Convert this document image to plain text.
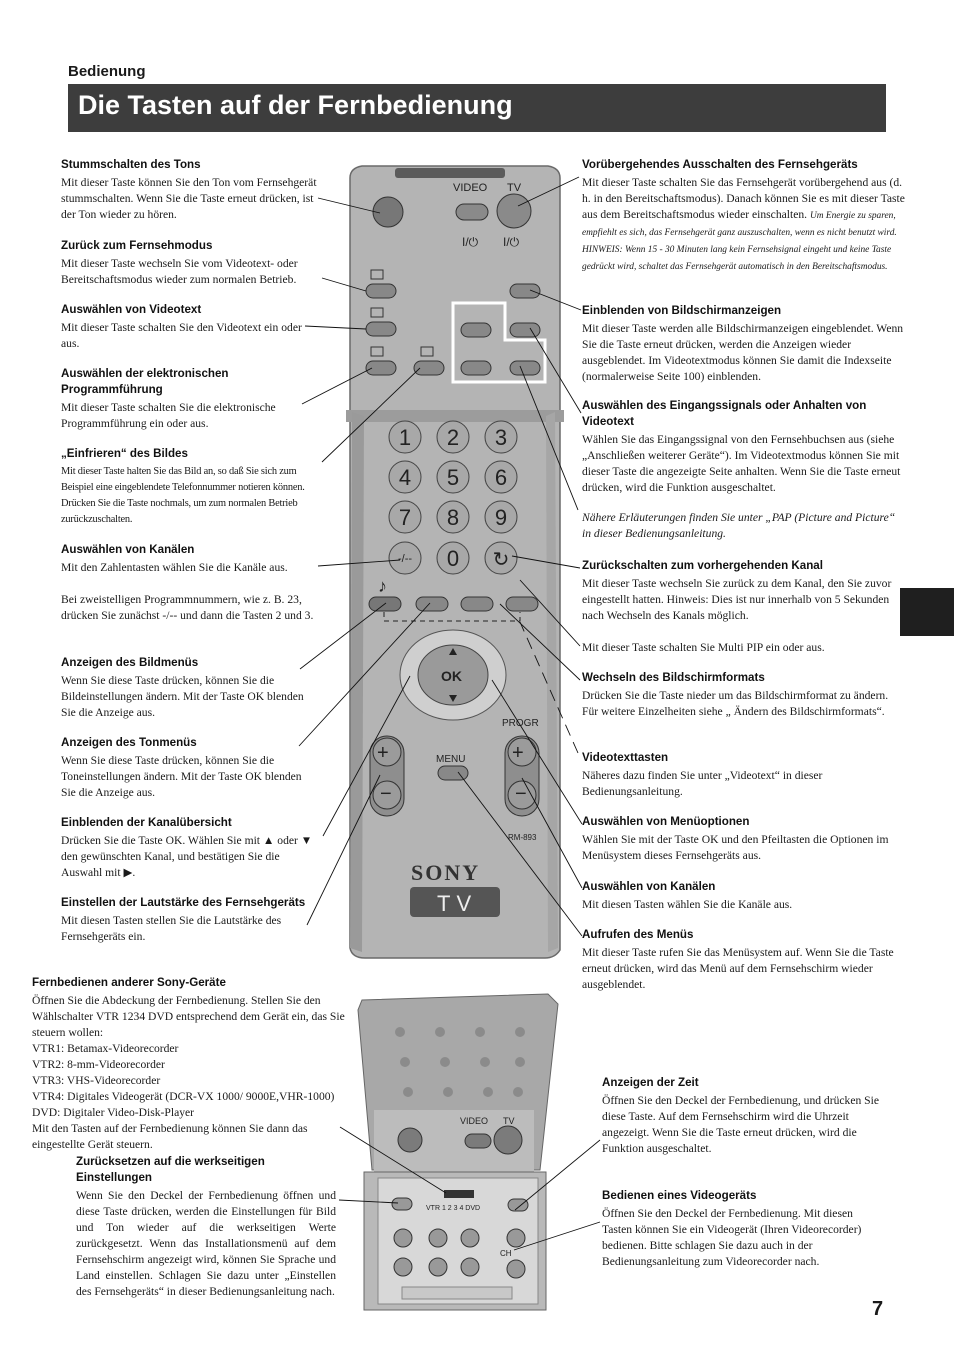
Bedienung
Die Tasten auf der Fernbedienung
VIDEO TV
I/⏻ I/⏻
1 2 3
4 5 6
7 8 9
-/-- 0 ↻
♪
OK
+
−
+
−
PROGR
MENU
RM-893
SONY
TV
VIDEO TV
VTR 1 2 3 4 DVD
CH
Stummschalten des Tons

Mit dieser Taste können Sie den Ton vom Fernsehgerät stummschalten. Wenn Sie die Taste erneut drücken, ist der Ton wieder zu hören.

Zurück zum Fernsehmodus

Mit dieser Taste wechseln Sie vom Videotext- oder Bereitschaftsmodus wieder zum normalen Betrieb.

Auswählen von Videotext

Mit dieser Taste schalten Sie den Videotext ein oder aus.

Auswählen der elektronischen Programmführung

Mit dieser Taste schalten Sie die elektronische Programmführung ein oder aus.

„Einfrieren“ des Bildes

Mit dieser Taste halten Sie das Bild an, so daß Sie sich zum Beispiel eine eingeblendete Telefonnummer notieren können. Drücken Sie die Taste nochmals, um zum normalen Betrieb zurückzuschalten.

Auswählen von Kanälen

Mit den Zahlentasten wählen Sie die Kanäle aus.

Bei zweistelligen Programmnummern, wie z. B. 23, drücken Sie zunächst -/-- und dann die Tasten 2 und 3.

Anzeigen des Bildmenüs

Wenn Sie diese Taste drücken, können Sie die Bildeinstellungen ändern. Mit der Taste OK blenden Sie die Anzeige aus.

Anzeigen des Tonmenüs

Wenn Sie diese Taste drücken, können Sie die Toneinstellungen ändern. Mit der Taste OK blenden Sie die Anzeige aus.

Einblenden der Kanalübersicht

Drücken Sie die Taste OK. Wählen Sie mit ▲ oder ▼ den gewünschten Kanal, und bestätigen Sie die Auswahl mit ▶.

Einstellen der Lautstärke des Fernsehgeräts

Mit diesen Tasten stellen Sie die Lautstärke des Fernsehgeräts ein.

Fernbedienen anderer Sony-Geräte

Öffnen Sie die Abdeckung der Fernbedienung. Stellen Sie den Wählschalter VTR 1234 DVD entsprechend dem Gerät ein, das Sie steuern wollen:

VTR1: Betamax-Videorecorder

VTR2: 8-mm-Videorecorder

VTR3: VHS-Videorecorder

VTR4: Digitales Videogerät (DCR-VX 1000/ 9000E,VHR-1000)

DVD: Digitaler Video-Disk-Player

Mit den Tasten auf der Fernbedienung können Sie dann das eingestellte Gerät steuern.

Zurücksetzen auf die werkseitigen Einstellungen

Wenn Sie den Deckel der Fernbedienung öffnen und diese Taste drücken, werden die Einstellungen für Bild und Ton wieder auf die werkseitigen Werte zurückgesetzt. Wenn das Installationsmenü auf dem Fernsehschirm angezeigt wird, können Sie Sprache und Land einstellen. Schlagen Sie dazu unter „Einstellen des Fernsehgeräts“ in dieser Bedienungsanleitung nach.

Vorübergehendes Ausschalten des Fernsehgeräts

Mit dieser Taste schalten Sie das Fernsehgerät vorübergehend aus (d. h. in den Bereitschaftsmodus). Danach können Sie es mit dieser Taste aus dem Bereitschaftsmodus wieder einschalten. Um Energie zu sparen, empfiehlt es sich, das Fernsehgerät ganz auszuschalten, wenn es nicht benutzt wird. HINWEIS: Wenn 15 - 30 Minuten lang kein Fernsehsignal eingeht und keine Taste gedrückt wird, schaltet das Fernsehgerät automatisch in den Bereitschaftsmodus.

Einblenden von Bildschirmanzeigen

Mit dieser Taste werden alle Bildschirmanzeigen eingeblendet. Wenn Sie die Taste erneut drücken, werden die Anzeigen wieder ausgeblendet. Im Videotextmodus können Sie damit die Indexseite (normalerweise Seite 100) einblenden.

Auswählen des Eingangssignals oder Anhalten von Videotext

Wählen Sie das Eingangssignal von den Fernsehbuchsen aus (siehe „Anschließen weiterer Geräte“). Im Videotextmodus können Sie mit dieser Taste die angezeigte Seite anhalten. Wenn Sie die Taste erneut drücken, wird die Funktion ausgeschaltet.

Nähere Erläuterungen finden Sie unter „PAP (Picture and Picture“ in dieser Bedienungsanleitung.

Zurückschalten zum vorhergehenden Kanal

Mit dieser Taste wechseln Sie zurück zu dem Kanal, den Sie zuvor eingestellt hatten. Hinweis: Dies ist nur innerhalb von 5 Sekunden nach Wechseln des Kanals möglich.

Mit dieser Taste schalten Sie Multi PIP ein oder aus.

Wechseln des Bildschirmformats

Drücken Sie die Taste nieder um das Bildschirmformat zu ändern. Für weitere Einzelheiten siehe „ Ändern des Bildschirmformats“.

Videotexttasten

Näheres dazu finden Sie unter „Videotext“ in dieser Bedienungsanleitung.

Auswählen von Menüoptionen

Wählen Sie mit der Taste OK und den Pfeiltasten die Optionen im Menüsystem dieses Fernsehgeräts aus.

Auswählen von Kanälen

Mit diesen Tasten wählen Sie die Kanäle aus.

Aufrufen des Menüs

Mit dieser Taste rufen Sie das Menüsystem auf. Wenn Sie die Taste erneut drücken, wird das Menü auf dem Fernsehschirm wieder ausgeblendet.

Anzeigen der Zeit

Öffnen Sie den Deckel der Fernbedienung, und drücken Sie diese Taste. Auf dem Fernsehschirm wird die Uhrzeit angezeigt. Wenn Sie die Taste erneut drücken, wird die Funktion ausgeschaltet.

Bedienen eines Videogeräts

Öffnen Sie den Deckel der Fernbedienung. Mit diesen Tasten können Sie ein Videogerät (Ihren Videorecorder) bedienen. Bitte schlagen Sie dazu auch in der Bedienungsanleitung zum Videorecorder nach.

7
